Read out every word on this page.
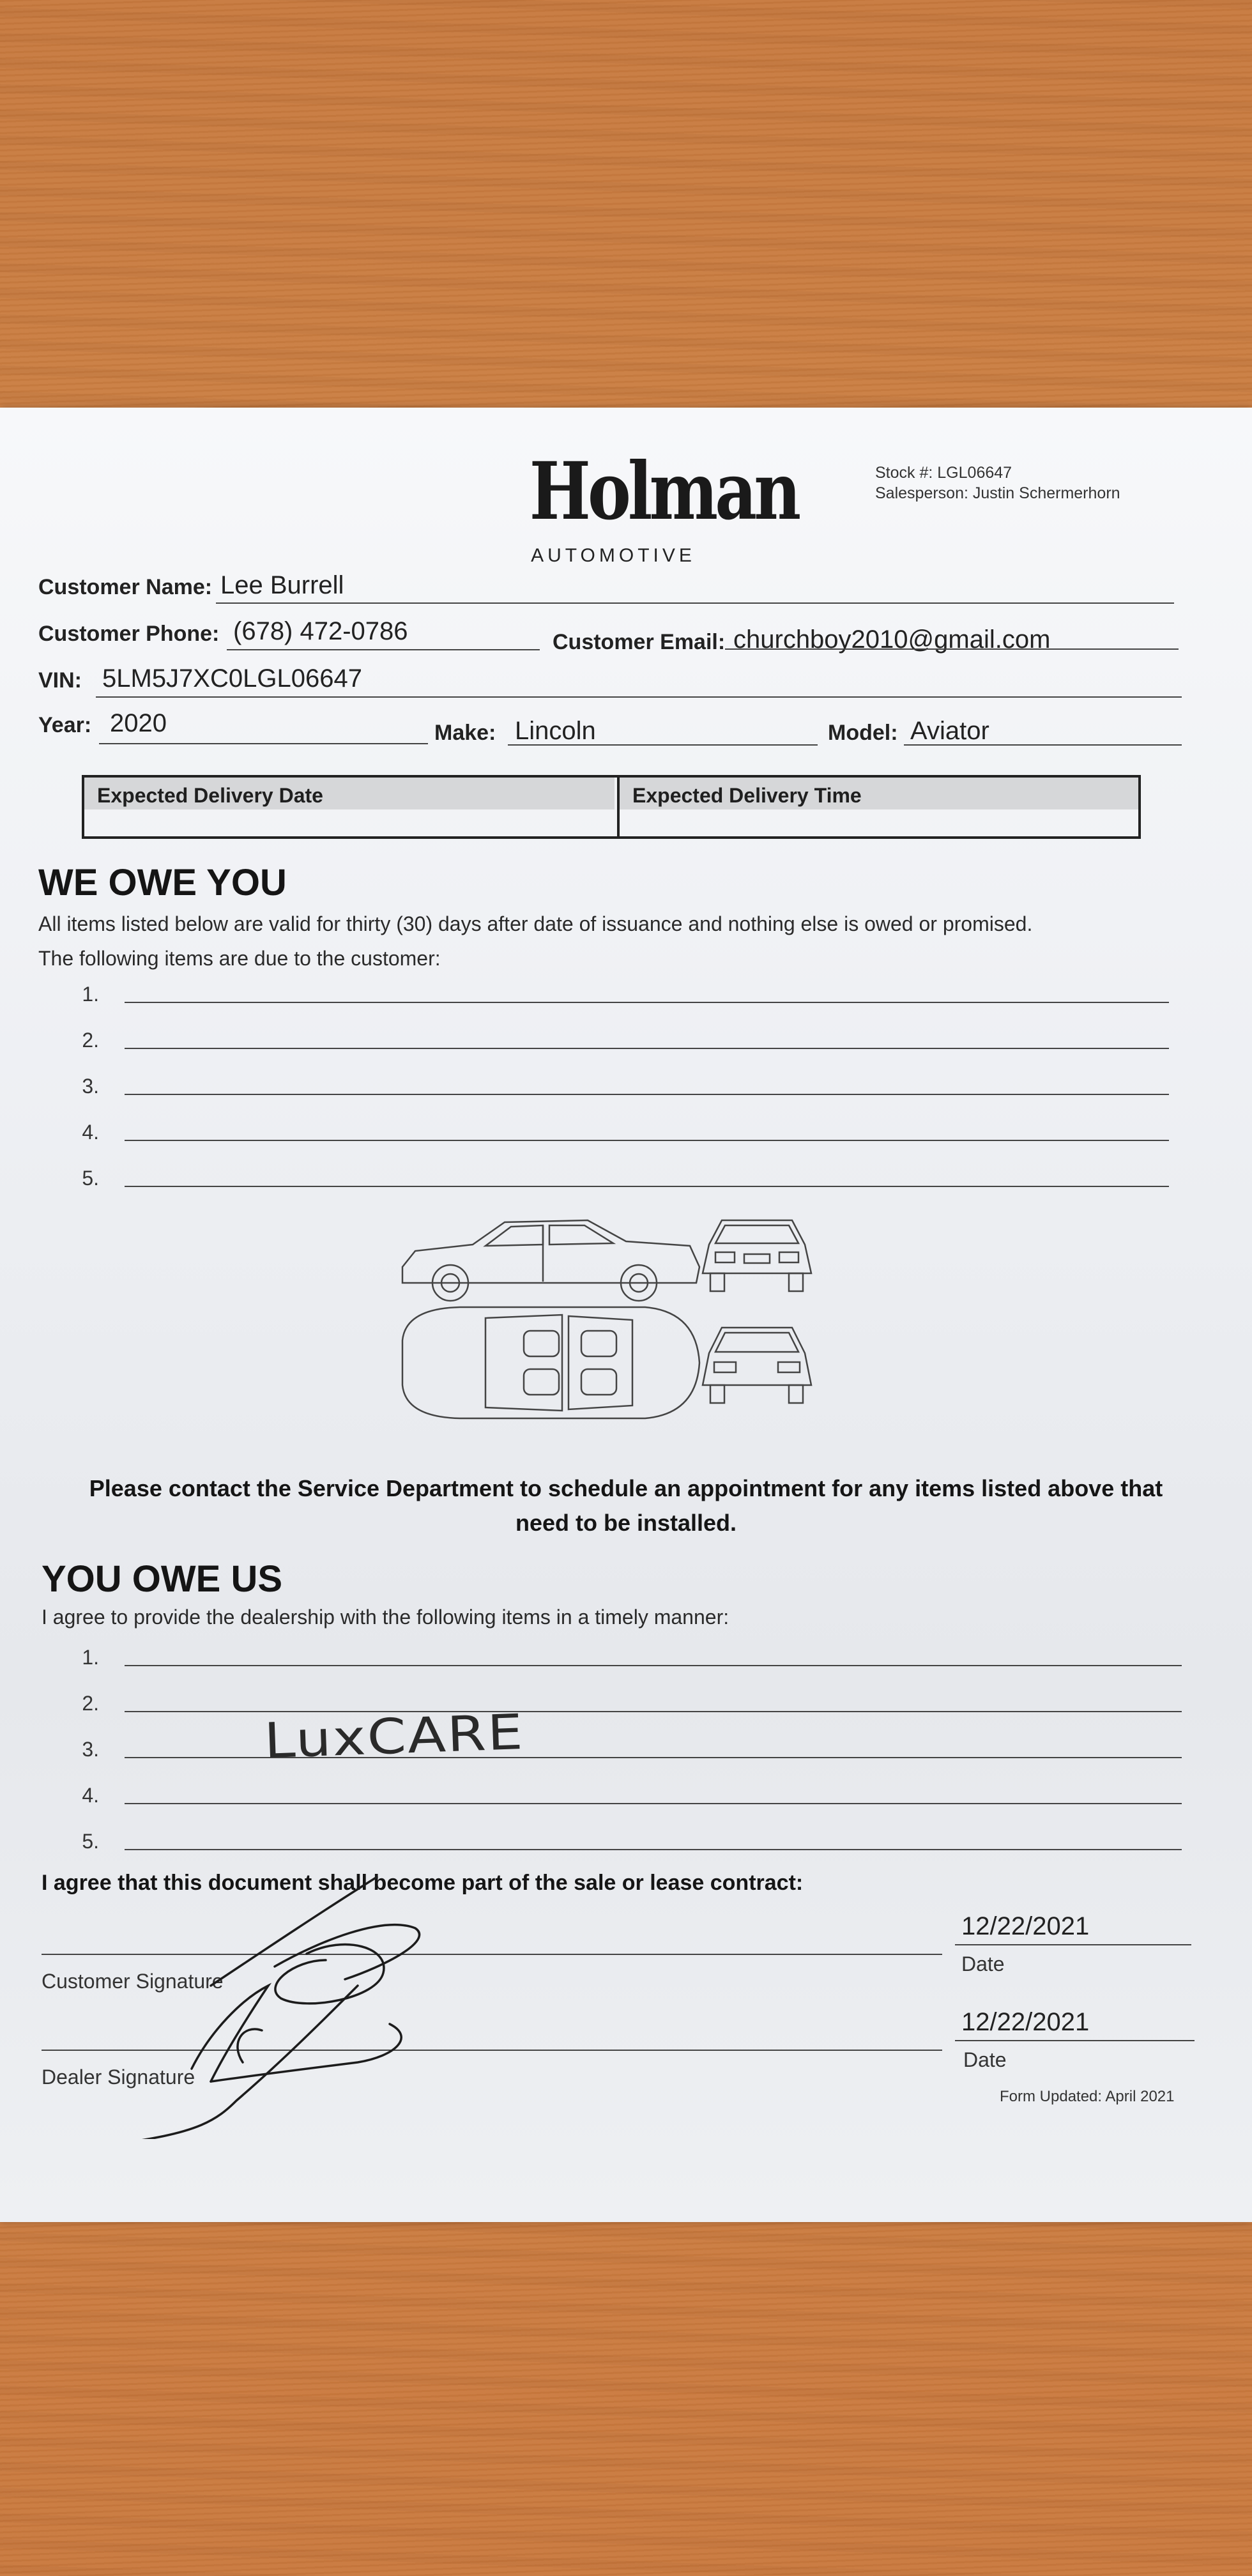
Holman
AUTOMOTIVE
Stock #: LGL06647
Salesperson: Justin Schermerhorn
Customer Name: Lee Burrell
Customer Phone: (678) 472-0786	Customer Email: churchboy2010@gmail.com
VIN: 5LM5J7XC0LGL06647
Year: 2020	Make: Lincoln	Model: Aviator
Expected Delivery Date	Expected Delivery Time
WE OWE YOU
All items listed below are valid for thirty (30) days after date of issuance and nothing else is owed or promised.
The following items are due to the customer:
1.
2.
3.
4.
5.
Please contact the Service Department to schedule an appointment for any items listed above that
need to be installed.
YOU OWE US
I agree to provide the dealership with the following items in a timely manner:
1.
2.
3.
4.
5.
LuxCARE
I agree that this document shall become part of the sale or lease contract:
Customer Signature
12/22/2021
Date
Dealer Signature
12/22/2021
Date
Form Updated: April 2021
